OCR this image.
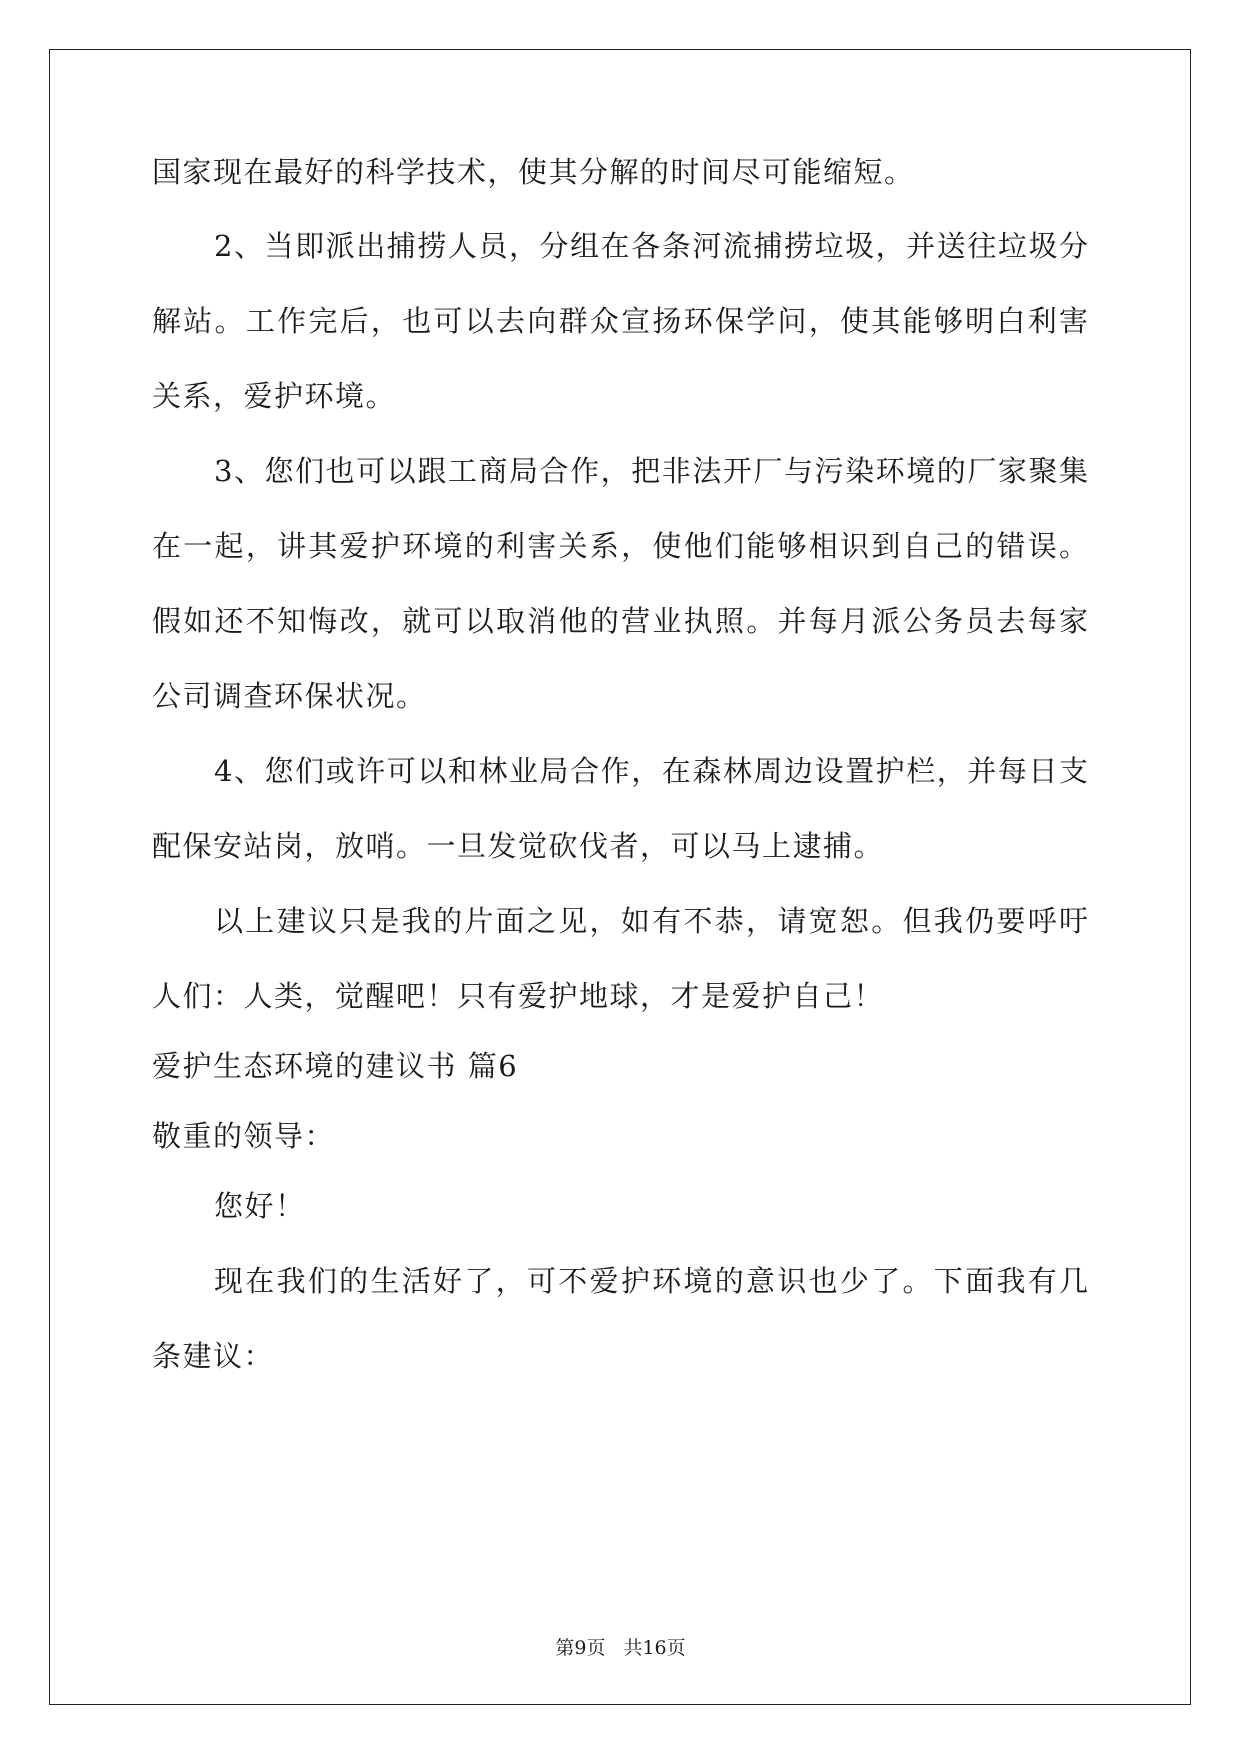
国家现在最好的科学技术，使其分解的时间尽可能缩短。
2、当即派出捕捞人员，分组在各条河流捕捞垃圾，并送往垃圾分
解站。工作完后，也可以去向群众宣扬环保学问，使其能够明白利害
关系，爱护环境。
3、您们也可以跟工商局合作，把非法开厂与污染环境的厂家聚集
在一起，讲其爱护环境的利害关系，使他们能够相识到自己的错误。
假如还不知悔改，就可以取消他的营业执照。并每月派公务员去每家
公司调查环保状况。
4、您们或许可以和林业局合作，在森林周边设置护栏，并每日支
配保安站岗，放哨。一旦发觉砍伐者，可以马上逮捕。
以上建议只是我的片面之见，如有不恭，请宽恕。但我仍要呼吁
人们：人类，觉醒吧！只有爱护地球，才是爱护自己！
爱护生态环境的建议书 篇6
敬重的领导：
您好！
现在我们的生活好了，可不爱护环境的意识也少了。下面我有几
条建议：
第9页 共16页
